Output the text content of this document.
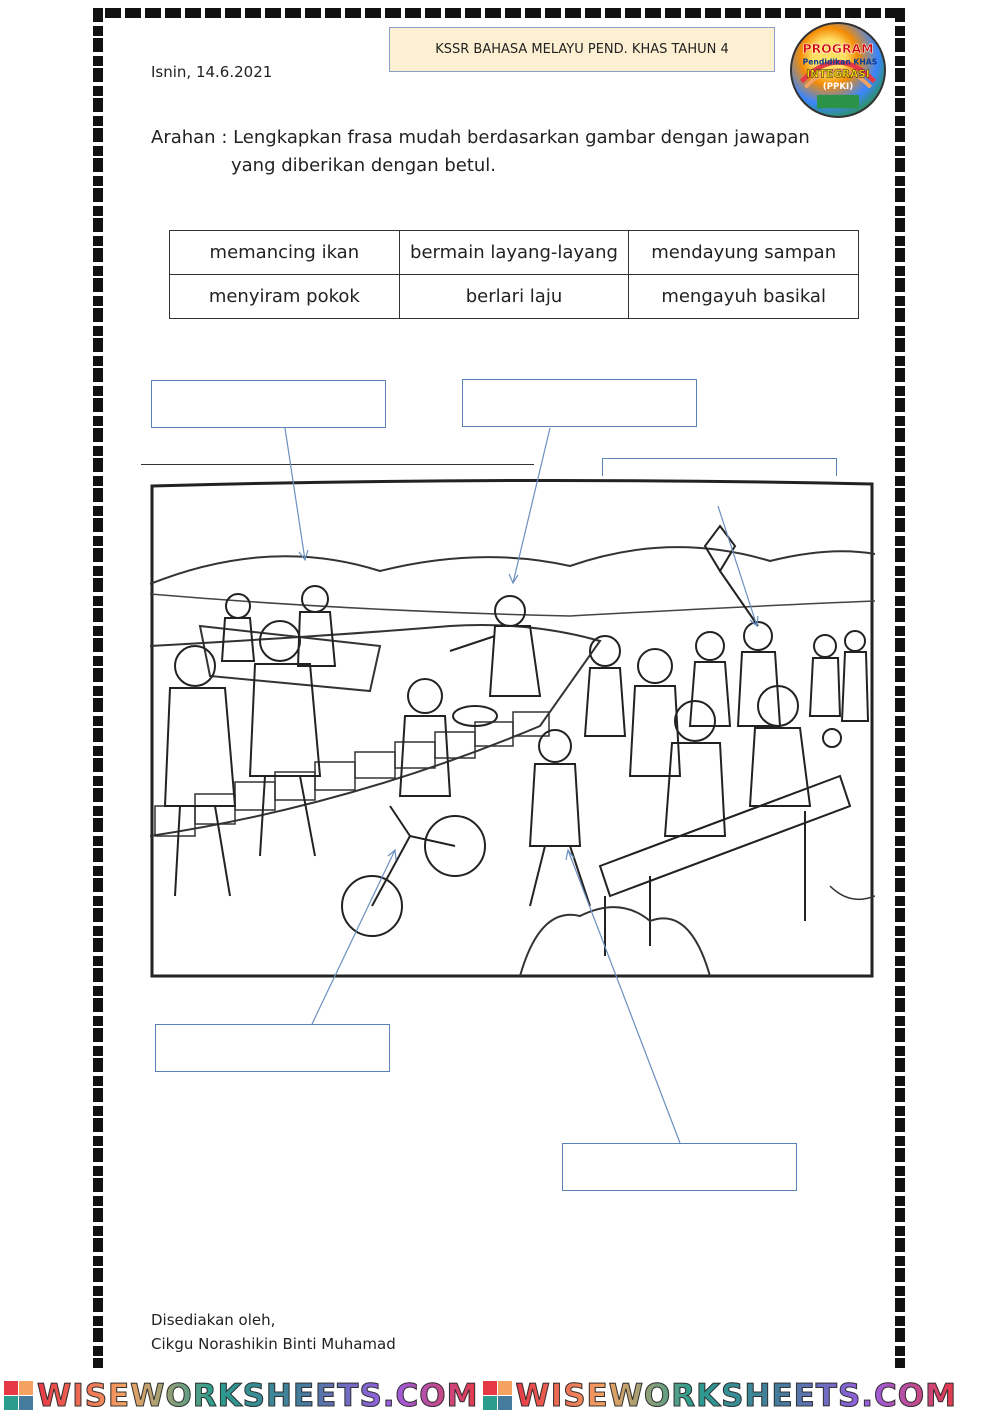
KSSR BAHASA MELAYU PEND. KHAS TAHUN 4	PROGRAM
Pendidikan KHAS
INTEGRASI
(PPKI)
Isnin, 14.6.2021
Arahan : Lengkapkan frasa mudah berdasarkan gambar dengan jawapan
yang diberikan dengan betul.
memancing ikan	bermain layang-layang	mendayung sampan
menyiram pokok	berlari laju	mengayuh basikal
Disediakan oleh,
Cikgu Norashikin Binti Muhamad
WISEWORKSHEETS.COM WISEWORKSHEETS.COM
